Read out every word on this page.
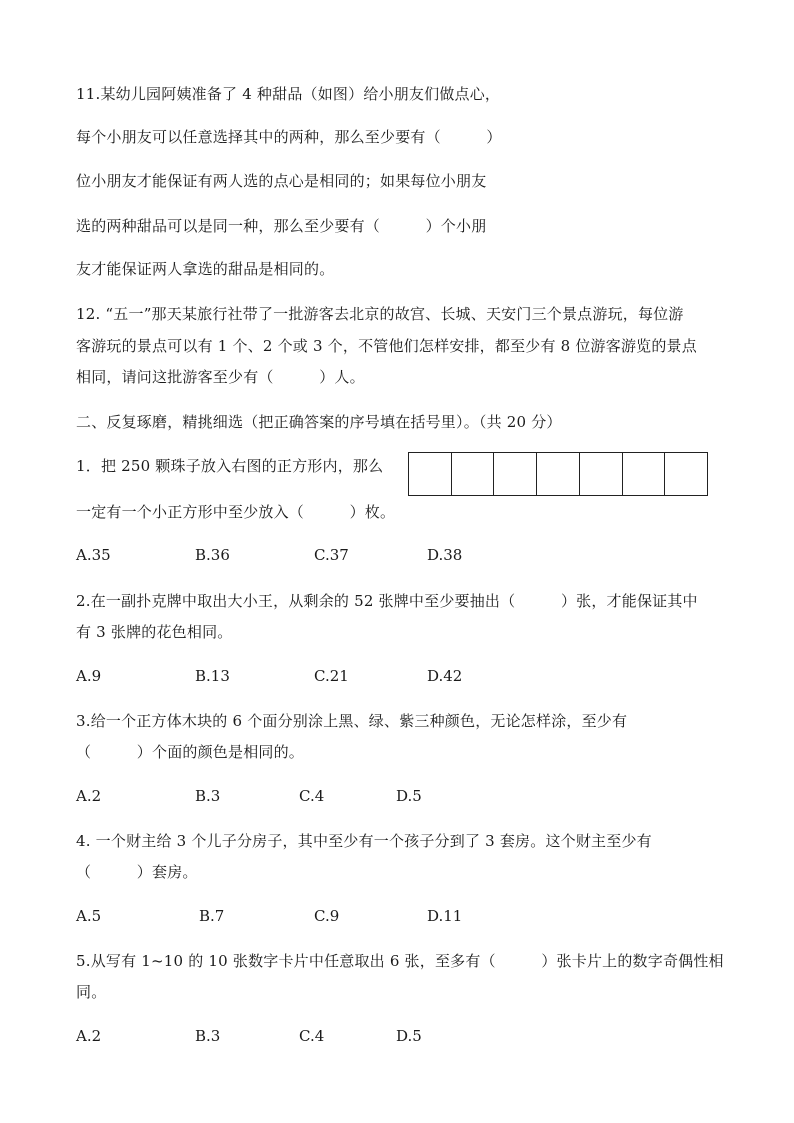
11.某幼儿园阿姨准备了 4 种甜品（如图）给小朋友们做点心，
每个小朋友可以任意选择其中的两种，那么至少要有（　　　）
位小朋友才能保证有两人选的点心是相同的；如果每位小朋友
选的两种甜品可以是同一种，那么至少要有（　　　）个小朋
友才能保证两人拿选的甜品是相同的。
12. “五一”那天某旅行社带了一批游客去北京的故宫、长城、天安门三个景点游玩，每位游
客游玩的景点可以有 1 个、2 个或 3 个，不管他们怎样安排，都至少有 8 位游客游览的景点
相同，请问这批游客至少有（　　　）人。
二、反复琢磨，精挑细选（把正确答案的序号填在括号里）。（共 20 分）
1．把 250 颗珠子放入右图的正方形内，那么
一定有一个小正方形中至少放入（　　　）枚。
A.35	B.36	C.37	D.38
2.在一副扑克牌中取出大小王，从剩余的 52 张牌中至少要抽出（　　　）张，才能保证其中
有 3 张牌的花色相同。
A.9	B.13	C.21	D.42
3.给一个正方体木块的 6 个面分别涂上黑、绿、紫三种颜色，无论怎样涂，至少有
（　　　）个面的颜色是相同的。
A.2	B.3	C.4	D.5
4. 一个财主给 3 个儿子分房子，其中至少有一个孩子分到了 3 套房。这个财主至少有
（　　　）套房。
A.5	B.7	C.9	D.11
5.从写有 1~10 的 10 张数字卡片中任意取出 6 张，至多有（　　　）张卡片上的数字奇偶性相
同。
A.2	B.3	C.4	D.5
